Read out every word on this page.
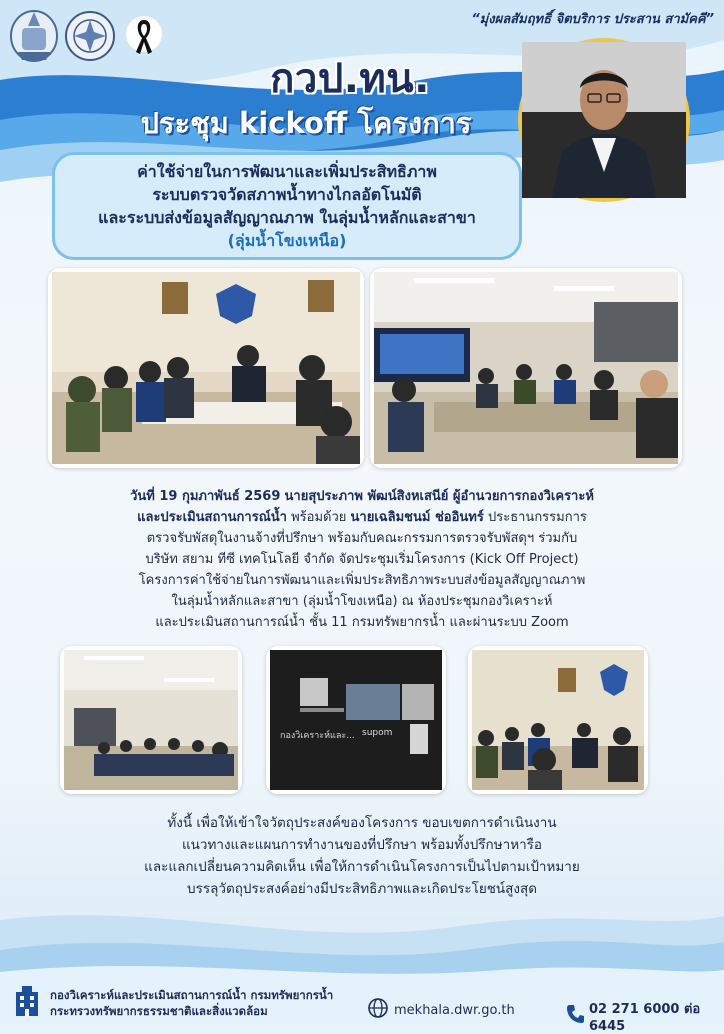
“มุ่งผลสัมฤทธิ์ จิตบริการ ประสาน สามัคคี”
กวป.ทน.
ประชุม kickoff โครงการ
ค่าใช้จ่ายในการพัฒนาและเพิ่มประสิทธิภาพ
ระบบตรวจวัดสภาพน้ำทางไกลอัตโนมัติ
และระบบส่งข้อมูลสัญญาณภาพ ในลุ่มน้ำหลักและสาขา
(ลุ่มน้ำโขงเหนือ)

วันที่ 19 กุมภาพันธ์ 2569 นายสุประภาพ พัฒน์สิงหเสนีย์ ผู้อำนวยการกองวิเคราะห์

และประเมินสถานการณ์น้ำ พร้อมด้วย นายเฉลิมชนม์ ช่ออินทร์ ประธานกรรมการ

ตรวจรับพัสดุในงานจ้างที่ปรึกษา พร้อมกับคณะกรรมการตรวจรับพัสดุฯ ร่วมกับ

บริษัท สยาม ทีซี เทคโนโลยี จำกัด จัดประชุมเริ่มโครงการ (Kick Off Project)

โครงการค่าใช้จ่ายในการพัฒนาและเพิ่มประสิทธิภาพระบบส่งข้อมูลสัญญาณภาพ

ในลุ่มน้ำหลักและสาขา (ลุ่มน้ำโขงเหนือ) ณ ห้องประชุมกองวิเคราะห์

และประเมินสถานการณ์น้ำ ชั้น 11 กรมทรัพยากรน้ำ และผ่านระบบ Zoom

กองวิเคราะห์และ... supom

ทั้งนี้ เพื่อให้เข้าใจวัตถุประสงค์ของโครงการ ขอบเขตการดำเนินงาน

แนวทางและแผนการทำงานของที่ปรึกษา พร้อมทั้งปรึกษาหารือ

และแลกเปลี่ยนความคิดเห็น เพื่อให้การดำเนินโครงการเป็นไปตามเป้าหมาย

บรรลุวัตถุประสงค์อย่างมีประสิทธิภาพและเกิดประโยชน์สูงสุด

กองวิเคราะห์และประเมินสถานการณ์น้ำ กรมทรัพยากรน้ำ
กระทรวงทรัพยากรธรรมชาติและสิ่งแวดล้อม	mekhala.dwr.go.th	02 271 6000 ต่อ 6445
